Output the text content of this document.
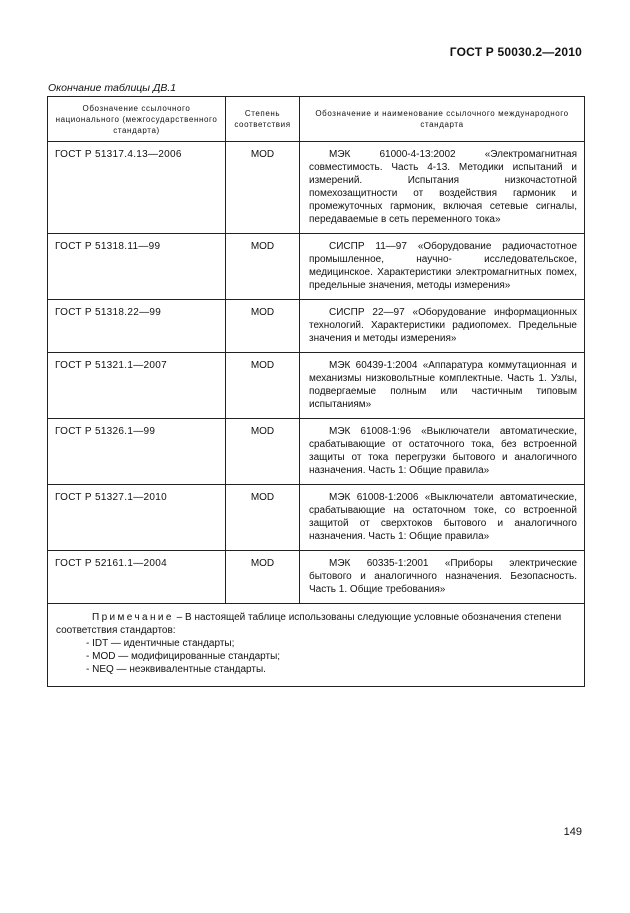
ГОСТ Р 50030.2—2010
Окончание таблицы ДВ.1
Обозначение ссылочного национального (межгосударственного стандарта)	Степень соответствия	Обозначение и наименование ссылочного международного стандарта
ГОСТ Р 51317.4.13—2006	MOD	МЭК 61000-4-13:2002 «Электромагнитная совместимость. Часть 4-13. Методики испытаний и измерений. Испытания низкочастотной помехозащитности от воздействия гармоник и промежуточных гармоник, включая сетевые сигналы, передаваемые в сеть переменного тока»

ГОСТ Р 51318.11—99	MOD	СИСПР 11—97 «Оборудование радиочастотное промышленное, научно- исследовательское, медицинское. Характеристики электромагнитных помех, предельные значения, методы измерения»

ГОСТ Р 51318.22—99	MOD	СИСПР 22—97 «Оборудование информационных технологий. Характеристики радиопомех. Предельные значения и методы измерения»

ГОСТ Р 51321.1—2007	MOD	МЭК 60439-1:2004 «Аппаратура коммутационная и механизмы низковольтные комплектные. Часть 1. Узлы, подвергаемые полным или частичным типовым испытаниям»

ГОСТ Р 51326.1—99	MOD	МЭК 61008-1:96 «Выключатели автоматические, срабатывающие от остаточного тока, без встроенной защиты от тока перегрузки бытового и аналогичного назначения. Часть 1: Общие правила»

ГОСТ Р 51327.1—2010	MOD	МЭК 61008-1:2006 «Выключатели автоматические, срабатывающие на остаточном токе, со встроенной защитой от сверхтоков бытового и аналогичного назначения. Часть 1: Общие правила»

ГОСТ Р 52161.1—2004	MOD	МЭК 60335-1:2001 «Приборы электрические бытового и аналогичного назначения. Безопасность. Часть 1. Общие требования»

Примечание – В настоящей таблице использованы следующие условные обозначения степени соответствия стандартов:
- IDT — идентичные стандарты;
- MOD — модифицированные стандарты;
- NEQ — неэквивалентные стандарты.		
149
